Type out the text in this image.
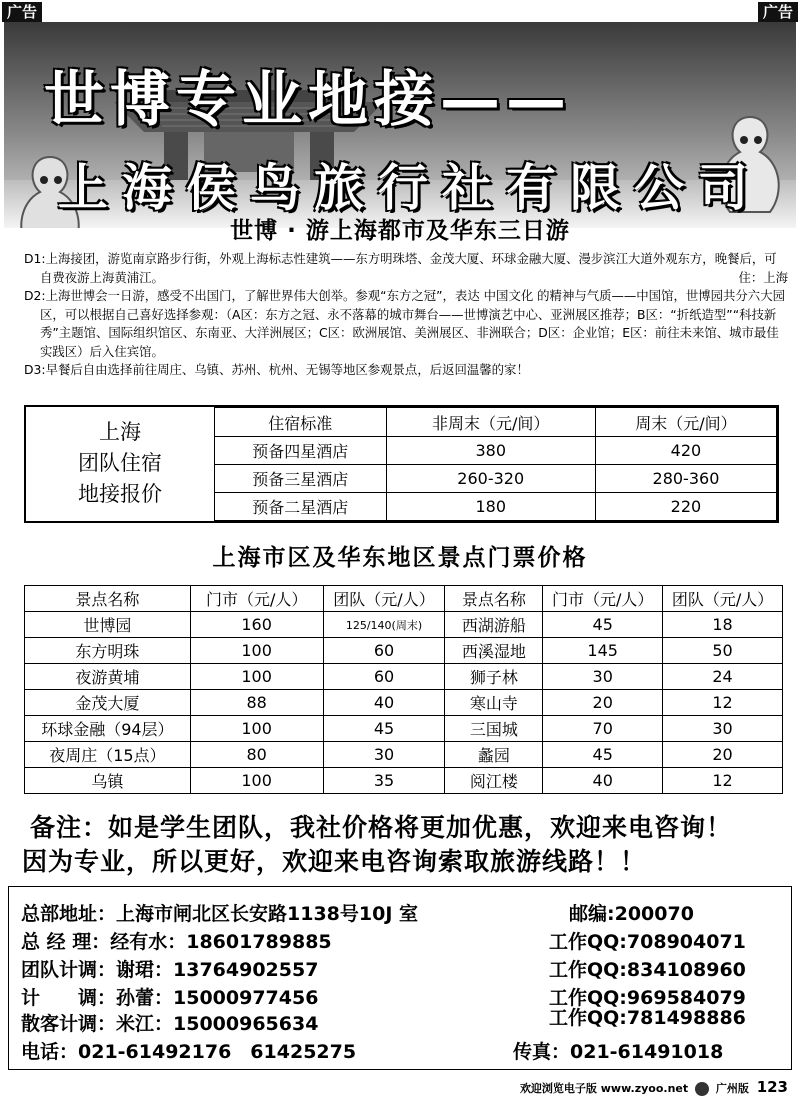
广告	广告
世博专业地接——
上海侯鸟旅行社有限公司
世博 · 游上海都市及华东三日游

D1:上海接团，游览南京路步行街，外观上海标志性建筑——东方明珠塔、金茂大厦、环球金融大厦、漫步滨江大道外观东方，晚餐后，可自费夜游上海黄浦江。	住：上海

D2:上海世博会一日游，感受不出国门，了解世界伟大创举。参观“东方之冠”，表达 中国文化 的精神与气质——中国馆，世博园共分六大园区，可以根据自己喜好选择参观：（A区：东方之冠、永不落幕的城市舞台——世博演艺中心、亚洲展区推荐；B区：“折纸造型”“科技新秀”主题馆、国际组织馆区、东南亚、大洋洲展区；C区：欧洲展馆、美洲展区、非洲联合；D区：企业馆；E区：前往未来馆、城市最佳实践区）后入住宾馆。

D3:早餐后自由选择前往周庄、乌镇、苏州、杭州、无锡等地区参观景点，后返回温馨的家！

上海
团队住宿
地接报价
住宿标准	非周末（元/间）	周末（元/间）
预备四星酒店	380	420
预备三星酒店	260-320	280-360
预备二星酒店	180	220
上海市区及华东地区景点门票价格
景点名称	门市（元/人）	团队（元/人）	景点名称	门市（元/人）	团队（元/人）
世博园	160	125/140(周末)	西湖游船	45	18
东方明珠	100	60	西溪湿地	145	50
夜游黄埔	100	60	狮子林	30	24
金茂大厦	88	40	寒山寺	20	12
环球金融（94层）	100	45	三国城	70	30
夜周庄（15点）	80	30	蠡园	45	20
乌镇	100	35	阅江楼	40	12
备注：如是学生团队，我社价格将更加优惠，欢迎来电咨询！
因为专业，所以更好，欢迎来电咨询索取旅游线路！！
总部地址：上海市闸北区长安路1138号10J 室	邮编:200070
总 经 理：经有水：18601789885	工作QQ:708904071
团队计调：谢珺：13764902557	工作QQ:834108960
计　　调：孙蕾：15000977456	工作QQ:969584079
散客计调：米江：15000965634	工作QQ:781498886
电话：021-61492176　61425275	传真：021-61491018
欢迎浏览电子版 www.zyoo.net	广州版 123
